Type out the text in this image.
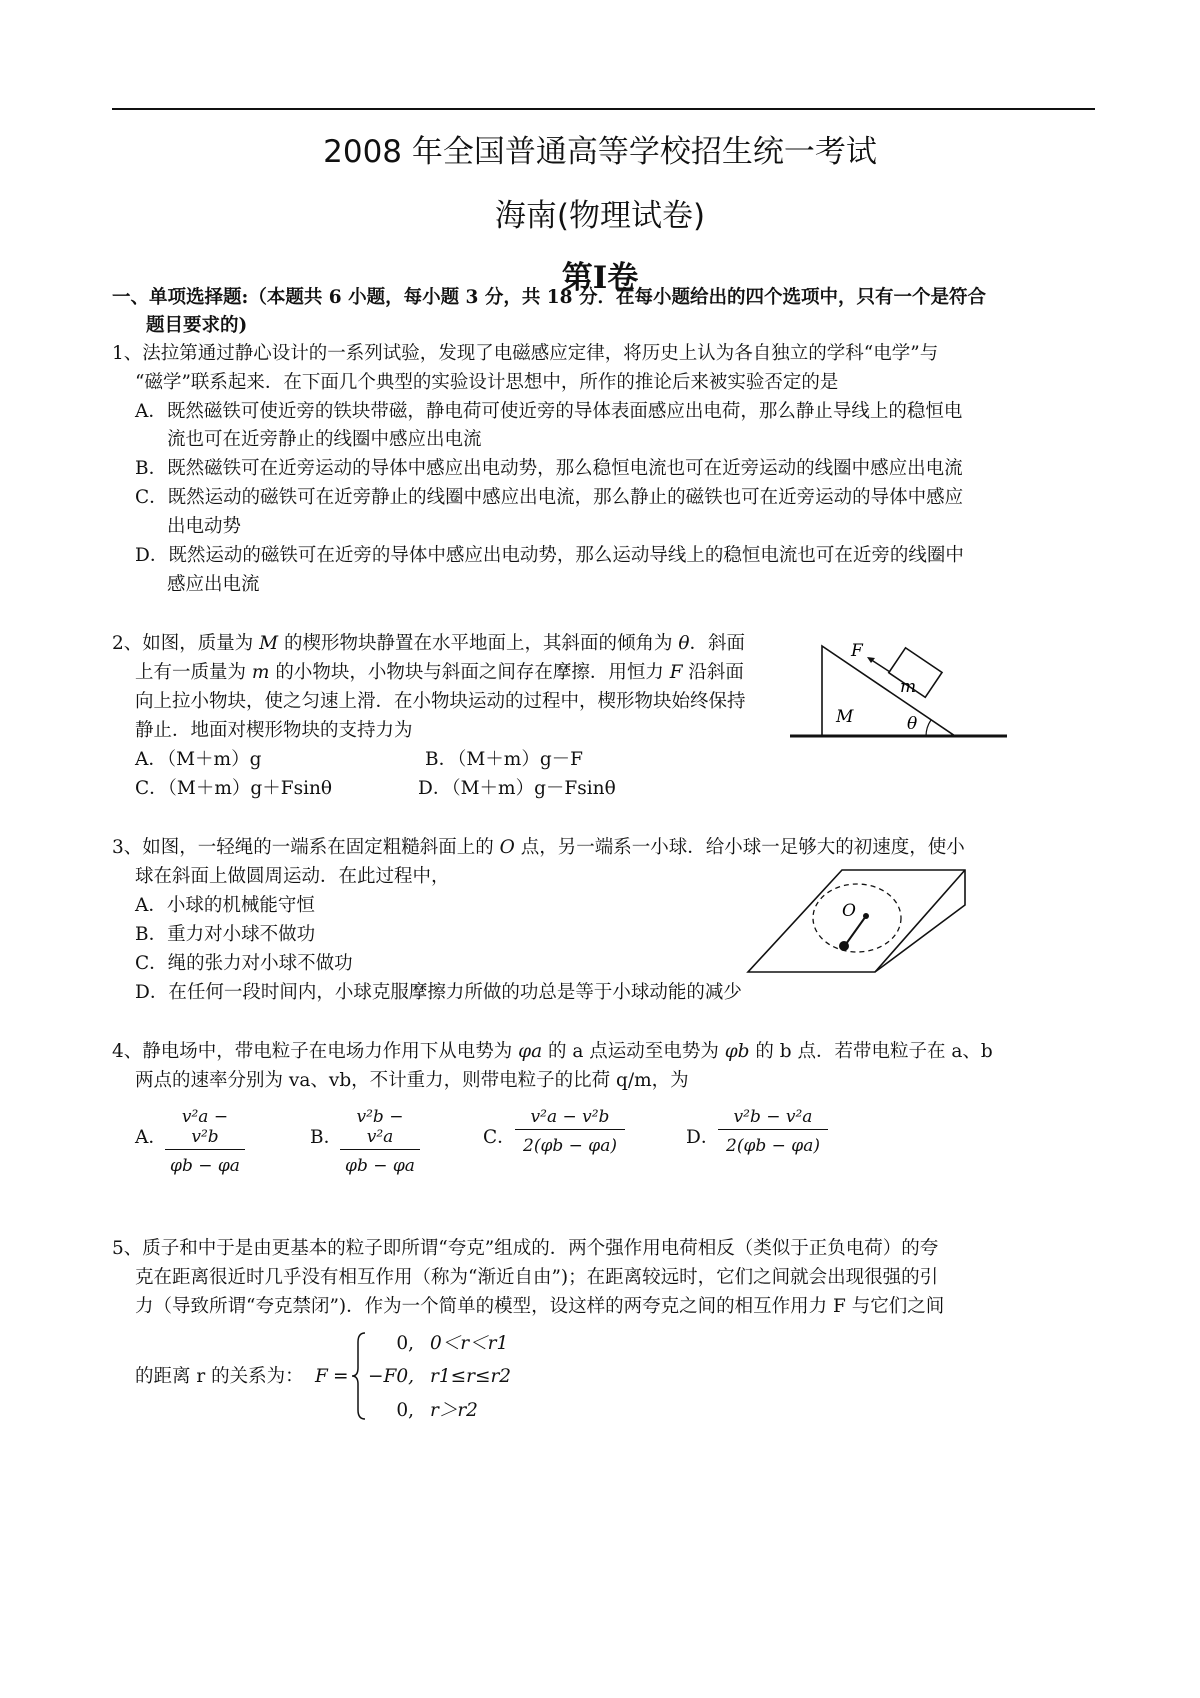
2008 年全国普通高等学校招生统一考试
海南(物理试卷)
第Ⅰ卷
一、单项选择题:（本题共 6 小题，每小题 3 分，共 18 分．在每小题给出的四个选项中，只有一个是符合
题目要求的)
1、法拉第通过静心设计的一系列试验，发现了电磁感应定律，将历史上认为各自独立的学科“电学”与
“磁学”联系起来．在下面几个典型的实验设计思想中，所作的推论后来被实验否定的是
A．既然磁铁可使近旁的铁块带磁，静电荷可使近旁的导体表面感应出电荷，那么静止导线上的稳恒电
流也可在近旁静止的线圈中感应出电流
B．既然磁铁可在近旁运动的导体中感应出电动势，那么稳恒电流也可在近旁运动的线圈中感应出电流
C．既然运动的磁铁可在近旁静止的线圈中感应出电流，那么静止的磁铁也可在近旁运动的导体中感应
出电动势
D．既然运动的磁铁可在近旁的导体中感应出电动势，那么运动导线上的稳恒电流也可在近旁的线圈中
感应出电流
2、如图，质量为 M 的楔形物块静置在水平地面上，其斜面的倾角为 θ．斜面
上有一质量为 m 的小物块，小物块与斜面之间存在摩擦．用恒力 F 沿斜面
向上拉小物块，使之匀速上滑．在小物块运动的过程中，楔形物块始终保持
静止．地面对楔形物块的支持力为
A．（M＋m）g	B．（M＋m）g－F
C．（M＋m）g＋Fsinθ	D．（M＋m）g－Fsinθ
F
m
M	θ
3、如图，一轻绳的一端系在固定粗糙斜面上的 O 点，另一端系一小球．给小球一足够大的初速度，使小
球在斜面上做圆周运动．在此过程中，
A．小球的机械能守恒
B．重力对小球不做功
C．绳的张力对小球不做功
D．在任何一段时间内，小球克服摩擦力所做的功总是等于小球动能的减少
O
4、静电场中，带电粒子在电场力作用下从电势为 φa 的 a 点运动至电势为 φb 的 b 点．若带电粒子在 a、b
两点的速率分别为 va、vb，不计重力，则带电粒子的比荷 q/m，为
A．
$\frac{\text{v²a − v²b}}{\varphi b - \varphi a}$	B．
$\frac{\text{v²b − v²a}}{\varphi b - \varphi a}$	C． $\frac{\text{v²a − v²b}}{2(\varphi b - \varphi a)}$	D．
$\frac{\text{v²b − v²a}}{2(\varphi b - \varphi a)}$
5、质子和中于是由更基本的粒子即所谓“夸克”组成的．两个强作用电荷相反（类似于正负电荷）的夸
克在距离很近时几乎没有相互作用（称为“渐近自由”)；在距离较远时，它们之间就会出现很强的引
力（导致所谓“夸克禁闭”)．作为一个简单的模型，设这样的两夸克之间的相互作用力 F 与它们之间
的距离 r 的关系为： F =
0, 0＜r＜r1
−F0, r1≤r≤r2
0, r＞r2
